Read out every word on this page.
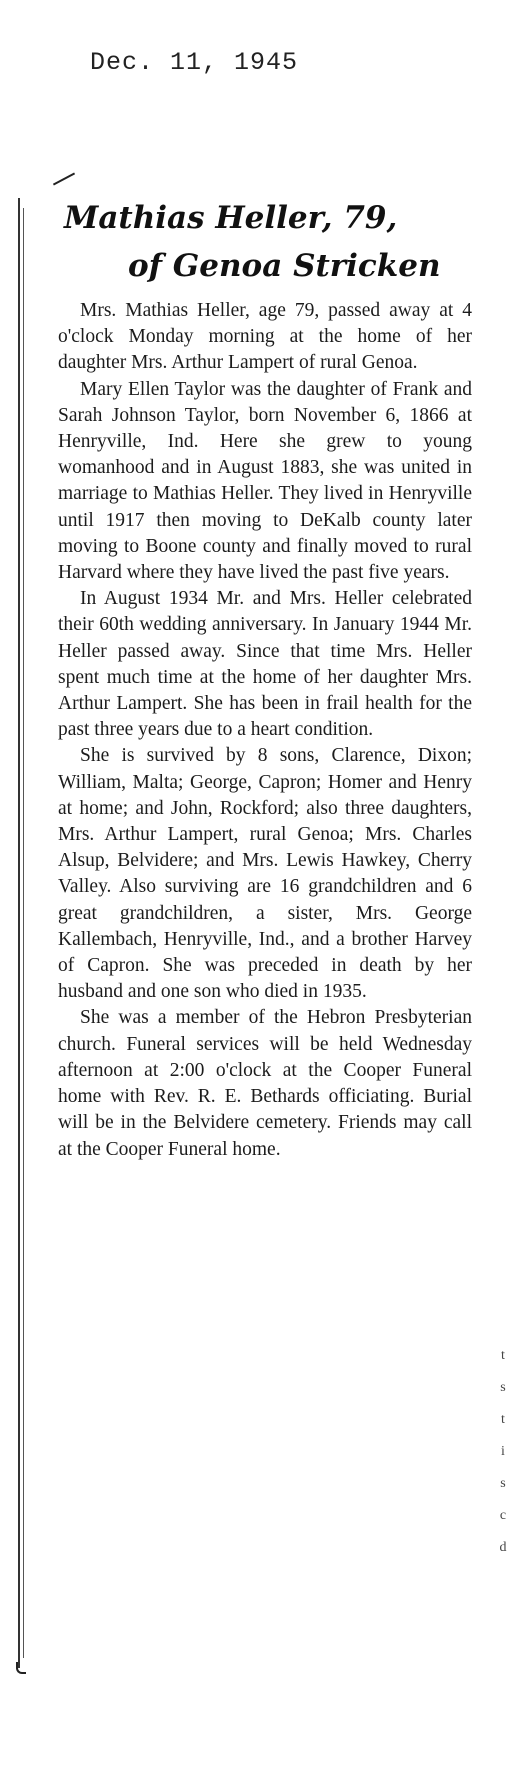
Dec. 11, 1945
Mathias Heller, 79,
of Genoa Stricken

Mrs. Mathias Heller, age 79, passed away at 4 o'clock Monday morning at the home of her daughter Mrs. Arthur Lampert of rural Genoa.

Mary Ellen Taylor was the daughter of Frank and Sarah Johnson Taylor, born November 6, 1866 at Henryville, Ind. Here she grew to young womanhood and in August 1883, she was united in marriage to Mathias Heller. They lived in Henryville until 1917 then moving to DeKalb county later moving to Boone county and finally moved to rural Harvard where they have lived the past five years.

In August 1934 Mr. and Mrs. Heller celebrated their 60th wedding anniversary. In January 1944 Mr. Heller passed away. Since that time Mrs. Heller spent much time at the home of her daughter Mrs. Arthur Lampert. She has been in frail health for the past three years due to a heart condition.

She is survived by 8 sons, Clarence, Dixon; William, Malta; George, Capron; Homer and Henry at home; and John, Rockford; also three daughters, Mrs. Arthur Lampert, rural Genoa; Mrs. Charles Alsup, Belvidere; and Mrs. Lewis Hawkey, Cherry Valley. Also surviving are 16 grandchildren and 6 great grandchildren, a sister, Mrs. George Kallembach, Henryville, Ind., and a brother Harvey of Capron. She was preceded in death by her husband and one son who died in 1935.

She was a member of the Hebron Presbyterian church. Funeral services will be held Wednesday afternoon at 2:00 o'clock at the Cooper Funeral home with Rev. R. E. Bethards officiating. Burial will be in the Belvidere cemetery. Friends may call at the Cooper Funeral home.

t
s
t
i
s
c
d
